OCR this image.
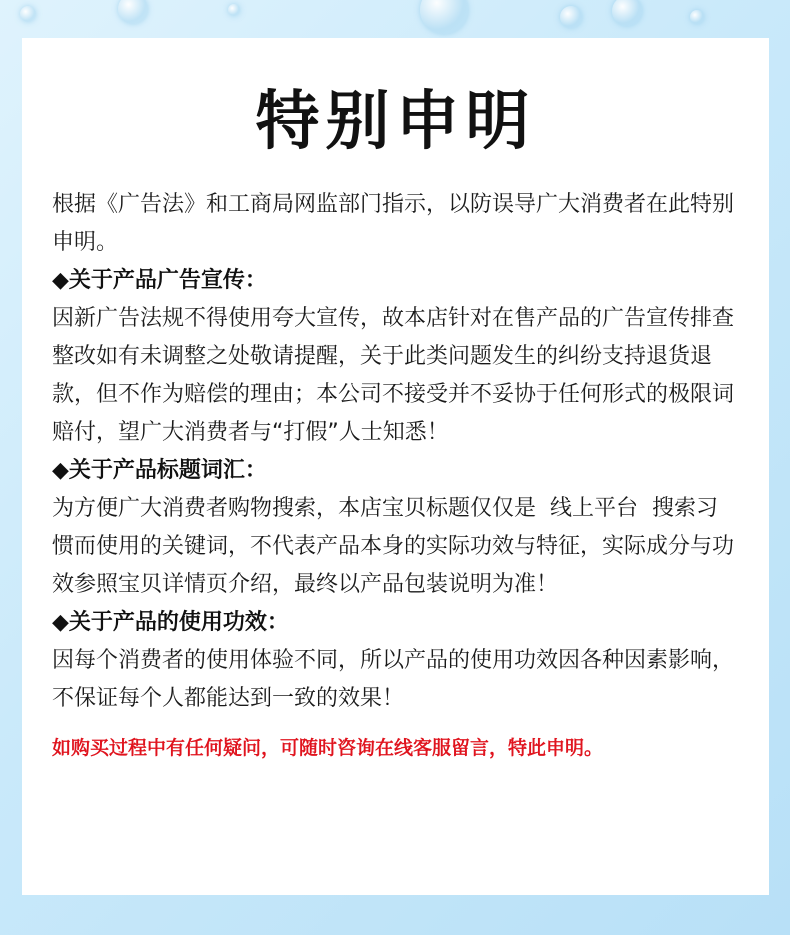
特别申明

根据《广告法》和工商局网监部门指示，以防误导广大消费者在此特别申明。

◆关于产品广告宣传：

因新广告法规不得使用夸大宣传，故本店针对在售产品的广告宣传排查整改如有未调整之处敬请提醒，关于此类问题发生的纠纷支持退货退款，但不作为赔偿的理由；本公司不接受并不妥协于任何形式的极限词赔付，望广大消费者与“打假”人士知悉！

◆关于产品标题词汇：

为方便广大消费者购物搜索，本店宝贝标题仅仅是  线上平台  搜索习惯而使用的关键词，不代表产品本身的实际功效与特征，实际成分与功效参照宝贝详情页介绍，最终以产品包装说明为准！

◆关于产品的使用功效：

因每个消费者的使用体验不同，所以产品的使用功效因各种因素影响，不保证每个人都能达到一致的效果！

如购买过程中有任何疑问，可随时咨询在线客服留言，特此申明。
